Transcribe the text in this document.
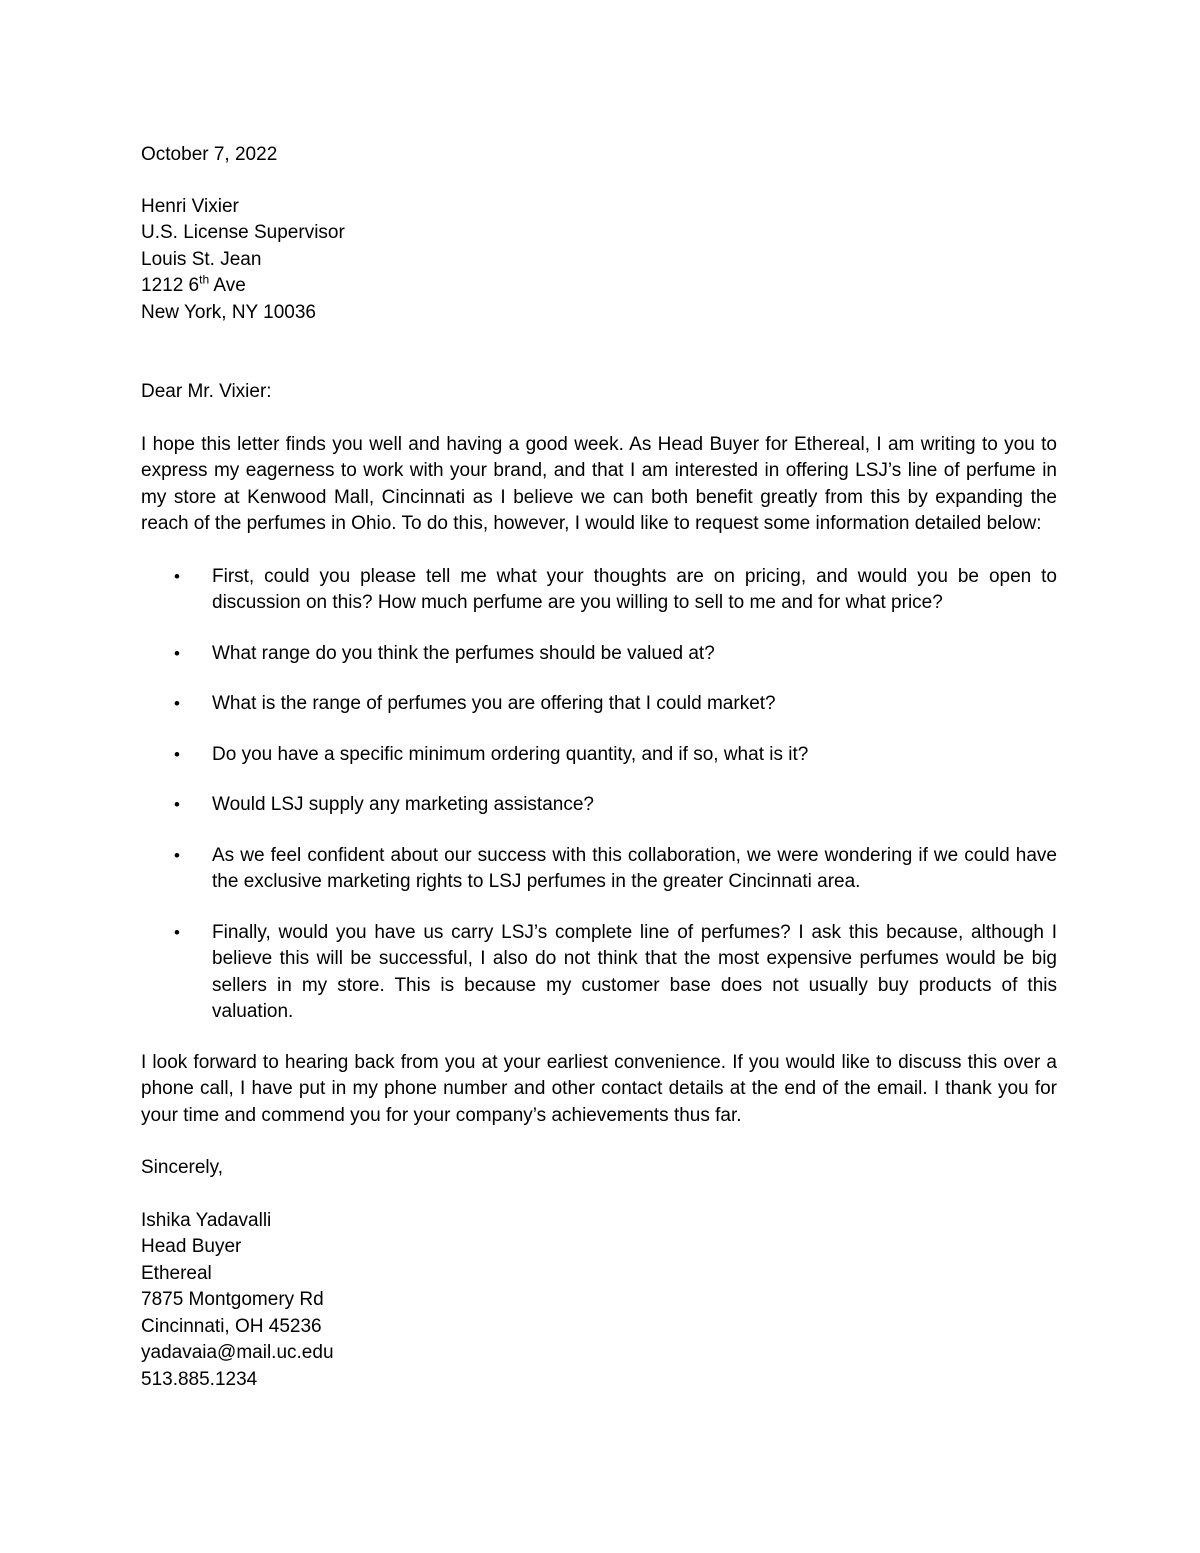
October 7, 2022
Henri Vixier
U.S. License Supervisor
Louis St. Jean
1212 6th Ave
New York, NY 10036
Dear Mr. Vixier:

I hope this letter finds you well and having a good week. As Head Buyer for Ethereal, I am writing to you to express my eagerness to work with your brand, and that I am interested in offering LSJ’s line of perfume in my store at Kenwood Mall, Cincinnati as I believe we can both benefit greatly from this by expanding the reach of the perfumes in Ohio. To do this, however, I would like to request some information detailed below:

• First, could you please tell me what your thoughts are on pricing, and would you be open to discussion on this? How much perfume are you willing to sell to me and for what price?
• What range do you think the perfumes should be valued at?
• What is the range of perfumes you are offering that I could market?
• Do you have a specific minimum ordering quantity, and if so, what is it?
• Would LSJ supply any marketing assistance?
• As we feel confident about our success with this collaboration, we were wondering if we could have the exclusive marketing rights to LSJ perfumes in the greater Cincinnati area.
• Finally, would you have us carry LSJ’s complete line of perfumes? I ask this because, although I believe this will be successful, I also do not think that the most expensive perfumes would be big sellers in my store. This is because my customer base does not usually buy products of this valuation.

I look forward to hearing back from you at your earliest convenience. If you would like to discuss this over a phone call, I have put in my phone number and other contact details at the end of the email. I thank you for your time and commend you for your company’s achievements thus far.

Sincerely,
Ishika Yadavalli
Head Buyer
Ethereal
7875 Montgomery Rd
Cincinnati, OH 45236
yadavaia@mail.uc.edu
513.885.1234
